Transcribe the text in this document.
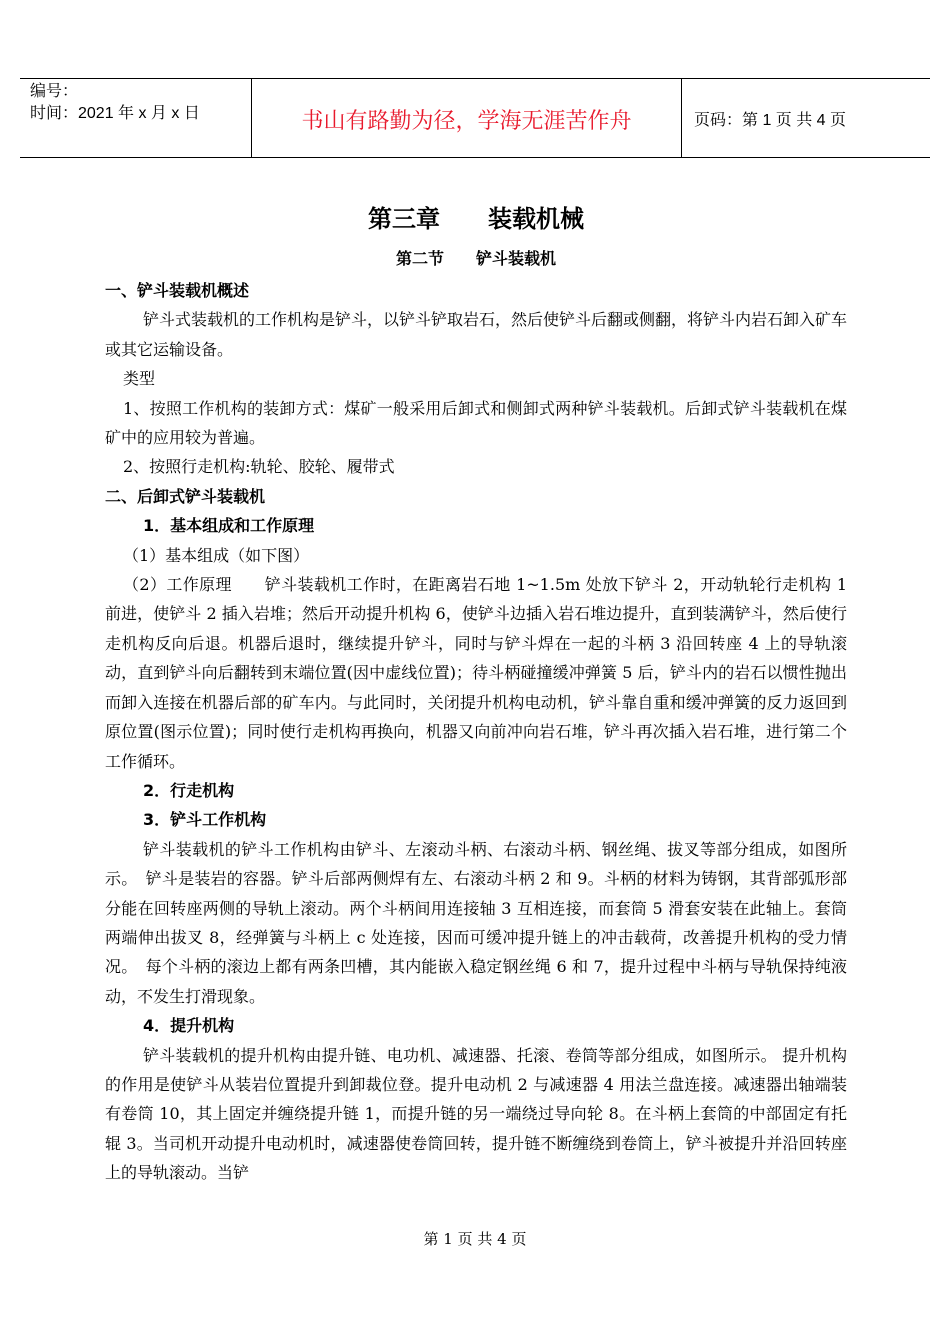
编号：
时间：2021 年 x 月 x 日	书山有路勤为径，学海无涯苦作舟	页码：第 1 页 共 4 页
第三章　　装载机械
第二节　　铲斗装载机
一、铲斗装载机概述

铲斗式装载机的工作机构是铲斗，以铲斗铲取岩石，然后使铲斗后翻或侧翻，将铲斗内岩石卸入矿车或其它运输设备。

类型

1、按照工作机构的装卸方式：煤矿一般采用后卸式和侧卸式两种铲斗装载机。后卸式铲斗装载机在煤矿中的应用较为普遍。

2、按照行走机构:轨轮、胶轮、履带式

二、后卸式铲斗装载机
1．基本组成和工作原理

（1）基本组成（如下图）

（2）工作原理　　铲斗装载机工作时，在距离岩石地 1~1.5m 处放下铲斗 2，开动轨轮行走机构 1 前进，使铲斗 2 插入岩堆；然后开动提升机构 6，使铲斗边插入岩石堆边提升，直到装满铲斗，然后使行走机构反向后退。机器后退时，继续提升铲斗，同时与铲斗焊在一起的斗柄 3 沿回转座 4 上的导轨滚动，直到铲斗向后翻转到末端位置(因中虚线位置)；待斗柄碰撞缓冲弹簧 5 后，铲斗内的岩石以惯性抛出而卸入连接在机器后部的矿车内。与此同时，关闭提升机构电动机，铲斗靠自重和缓冲弹簧的反力返回到原位置(图示位置)；同时使行走机构再换向，机器又向前冲向岩石堆，铲斗再次插入岩石堆，进行第二个工作循环。

2．行走机构
3．铲斗工作机构

铲斗装载机的铲斗工作机构由铲斗、左滚动斗柄、右滚动斗柄、钢丝绳、拔叉等部分组成，如图所示。　铲斗是装岩的容器。铲斗后部两侧焊有左、右滚动斗柄 2 和 9。斗柄的材料为铸钢，其背部弧形部分能在回转座两侧的导轨上滚动。两个斗柄间用连接轴 3 互相连接，而套筒 5 滑套安装在此轴上。套筒两端伸出拔叉 8，经弹簧与斗柄上 c 处连接，因而可缓冲提升链上的冲击载荷，改善提升机构的受力情况。　每个斗柄的滚边上都有两条凹槽，其内能嵌入稳定钢丝绳 6 和 7，提升过程中斗柄与导轨保持纯液动，不发生打滑现象。

4．提升机构

铲斗装载机的提升机构由提升链、电功机、减速器、托滚、卷筒等部分组成，如图所示。 提升机构的作用是使铲斗从装岩位置提升到卸裁位登。提升电动机 2 与减速器 4 用法兰盘连接。减速器出轴端装有卷筒 10，其上固定并缠绕提升链 1，而提升链的另一端绕过导向轮 8。在斗柄上套筒的中部固定有托辊 3。当司机开动提升电动机时，减速器使卷筒回转，提升链不断缠绕到卷筒上，铲斗被提升并沿回转座上的导轨滚动。当铲

第 1 页 共 4 页
